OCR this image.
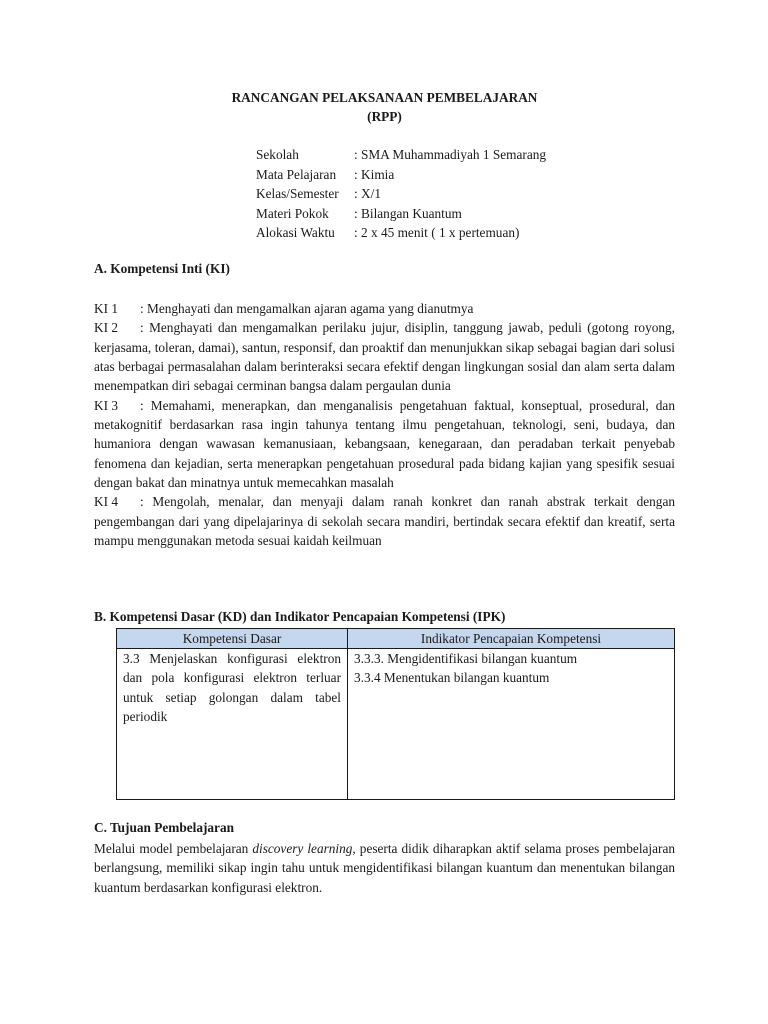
RANCANGAN PELAKSANAAN PEMBELAJARAN
(RPP)
Sekolah	: SMA Muhammadiyah 1 Semarang
Mata Pelajaran	: Kimia
Kelas/Semester	: X/1
Materi Pokok	: Bilangan Kuantum
Alokasi Waktu	: 2 x 45 menit ( 1 x pertemuan)
A. Kompetensi Inti (KI)

KI 1 : Menghayati dan mengamalkan ajaran agama yang dianutmya

KI 2 : Menghayati dan mengamalkan perilaku jujur, disiplin, tanggung jawab, peduli (gotong royong, kerjasama, toleran, damai), santun, responsif, dan proaktif dan menunjukkan sikap sebagai bagian dari solusi atas berbagai permasalahan dalam berinteraksi secara efektif dengan lingkungan sosial dan alam serta dalam menempatkan diri sebagai cerminan bangsa dalam pergaulan dunia

KI 3 : Memahami, menerapkan, dan menganalisis pengetahuan faktual, konseptual, prosedural, dan metakognitif berdasarkan rasa ingin tahunya tentang ilmu pengetahuan, teknologi, seni, budaya, dan humaniora dengan wawasan kemanusiaan, kebangsaan, kenegaraan, dan peradaban terkait penyebab fenomena dan kejadian, serta menerapkan pengetahuan prosedural pada bidang kajian yang spesifik sesuai dengan bakat dan minatnya untuk memecahkan masalah

KI 4 : Mengolah, menalar, dan menyaji dalam ranah konkret dan ranah abstrak terkait dengan pengembangan dari yang dipelajarinya di sekolah secara mandiri, bertindak secara efektif dan kreatif, serta mampu menggunakan metoda sesuai kaidah keilmuan

B. Kompetensi Dasar (KD) dan Indikator Pencapaian Kompetensi (IPK)
Kompetensi Dasar	Indikator Pencapaian Kompetensi
3.3 Menjelaskan konfigurasi elektron dan pola konfigurasi elektron terluar untuk setiap golongan dalam tabel periodik	3.3.3. Mengidentifikasi bilangan kuantum
3.3.4 Menentukan bilangan kuantum
C. Tujuan Pembelajaran

Melalui model pembelajaran discovery learning, peserta didik diharapkan aktif selama proses pembelajaran berlangsung, memiliki sikap ingin tahu untuk mengidentifikasi bilangan kuantum dan menentukan bilangan kuantum berdasarkan konfigurasi elektron.
